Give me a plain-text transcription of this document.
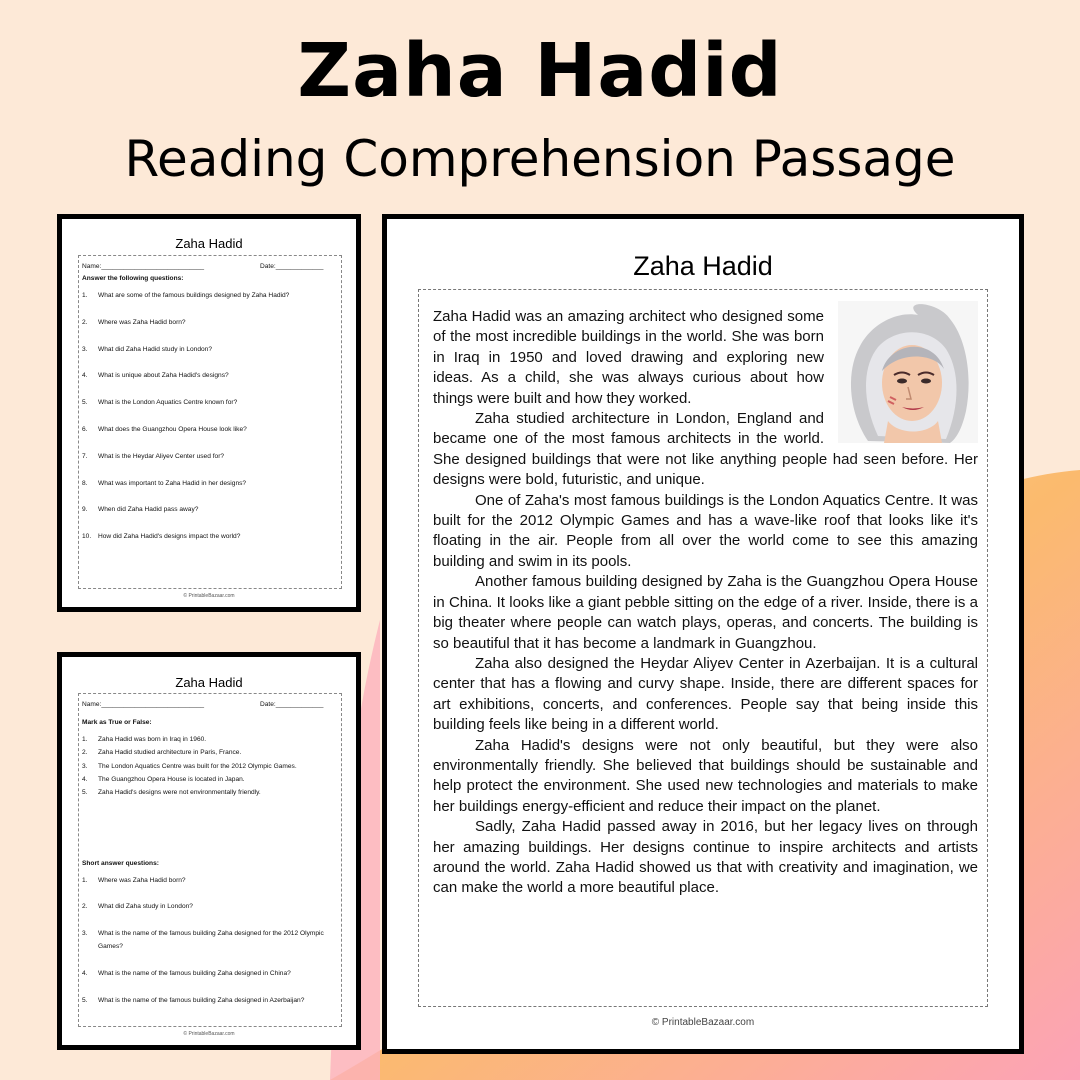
Zaha Hadid
Reading Comprehension Passage
Zaha Hadid
Name:____________________________	Date:_____________
Answer the following questions:
© PrintableBazaar.com
1. What are some of the famous buildings designed by Zaha Hadid?
2. Where was Zaha Hadid born?
3. What did Zaha Hadid study in London?
4. What is unique about Zaha Hadid's designs?
5. What is the London Aquatics Centre known for?
6. What does the Guangzhou Opera House look like?
7. What is the Heydar Aliyev Center used for?
8. What was important to Zaha Hadid in her designs?
9. When did Zaha Hadid pass away?
10. How did Zaha Hadid's designs impact the world?
Zaha Hadid
Name:____________________________	Date:_____________
Mark as True or False:
Short answer questions:
© PrintableBazaar.com
1. Zaha Hadid was born in Iraq in 1960.
2. Zaha Hadid studied architecture in Paris, France.
3. The London Aquatics Centre was built for the 2012 Olympic Games.
4. The Guangzhou Opera House is located in Japan.
5. Zaha Hadid's designs were not environmentally friendly.
1. Where was Zaha Hadid born?
2. What did Zaha study in London?
3. What is the name of the famous building Zaha designed for the 2012 Olympic
Games?
4. What is the name of the famous building Zaha designed in China?
5. What is the name of the famous building Zaha designed in Azerbaijan?
Zaha Hadid

Zaha Hadid was an amazing architect who designed some of the most incredible buildings in the world. She was born in Iraq in 1950 and loved drawing and exploring new ideas. As a child, she was always curious about how things were built and how they worked.

Zaha studied architecture in London, England and became one of the most famous architects in the world. She designed buildings that were not like anything people had seen before. Her designs were bold, futuristic, and unique.

One of Zaha's most famous buildings is the London Aquatics Centre. It was built for the 2012 Olympic Games and has a wave-like roof that looks like it's floating in the air. People from all over the world come to see this amazing building and swim in its pools.

Another famous building designed by Zaha is the Guangzhou Opera House in China. It looks like a giant pebble sitting on the edge of a river. Inside, there is a big theater where people can watch plays, operas, and concerts. The building is so beautiful that it has become a landmark in Guangzhou.

Zaha also designed the Heydar Aliyev Center in Azerbaijan. It is a cultural center that has a flowing and curvy shape. Inside, there are different spaces for art exhibitions, concerts, and conferences. People say that being inside this building feels like being in a different world.

Zaha Hadid's designs were not only beautiful, but they were also environmentally friendly. She believed that buildings should be sustainable and help protect the environment. She used new technologies and materials to make her buildings energy-efficient and reduce their impact on the planet.

Sadly, Zaha Hadid passed away in 2016, but her legacy lives on through her amazing buildings. Her designs continue to inspire architects and artists around the world. Zaha Hadid showed us that with creativity and imagination, we can make the world a more beautiful place.

© PrintableBazaar.com
